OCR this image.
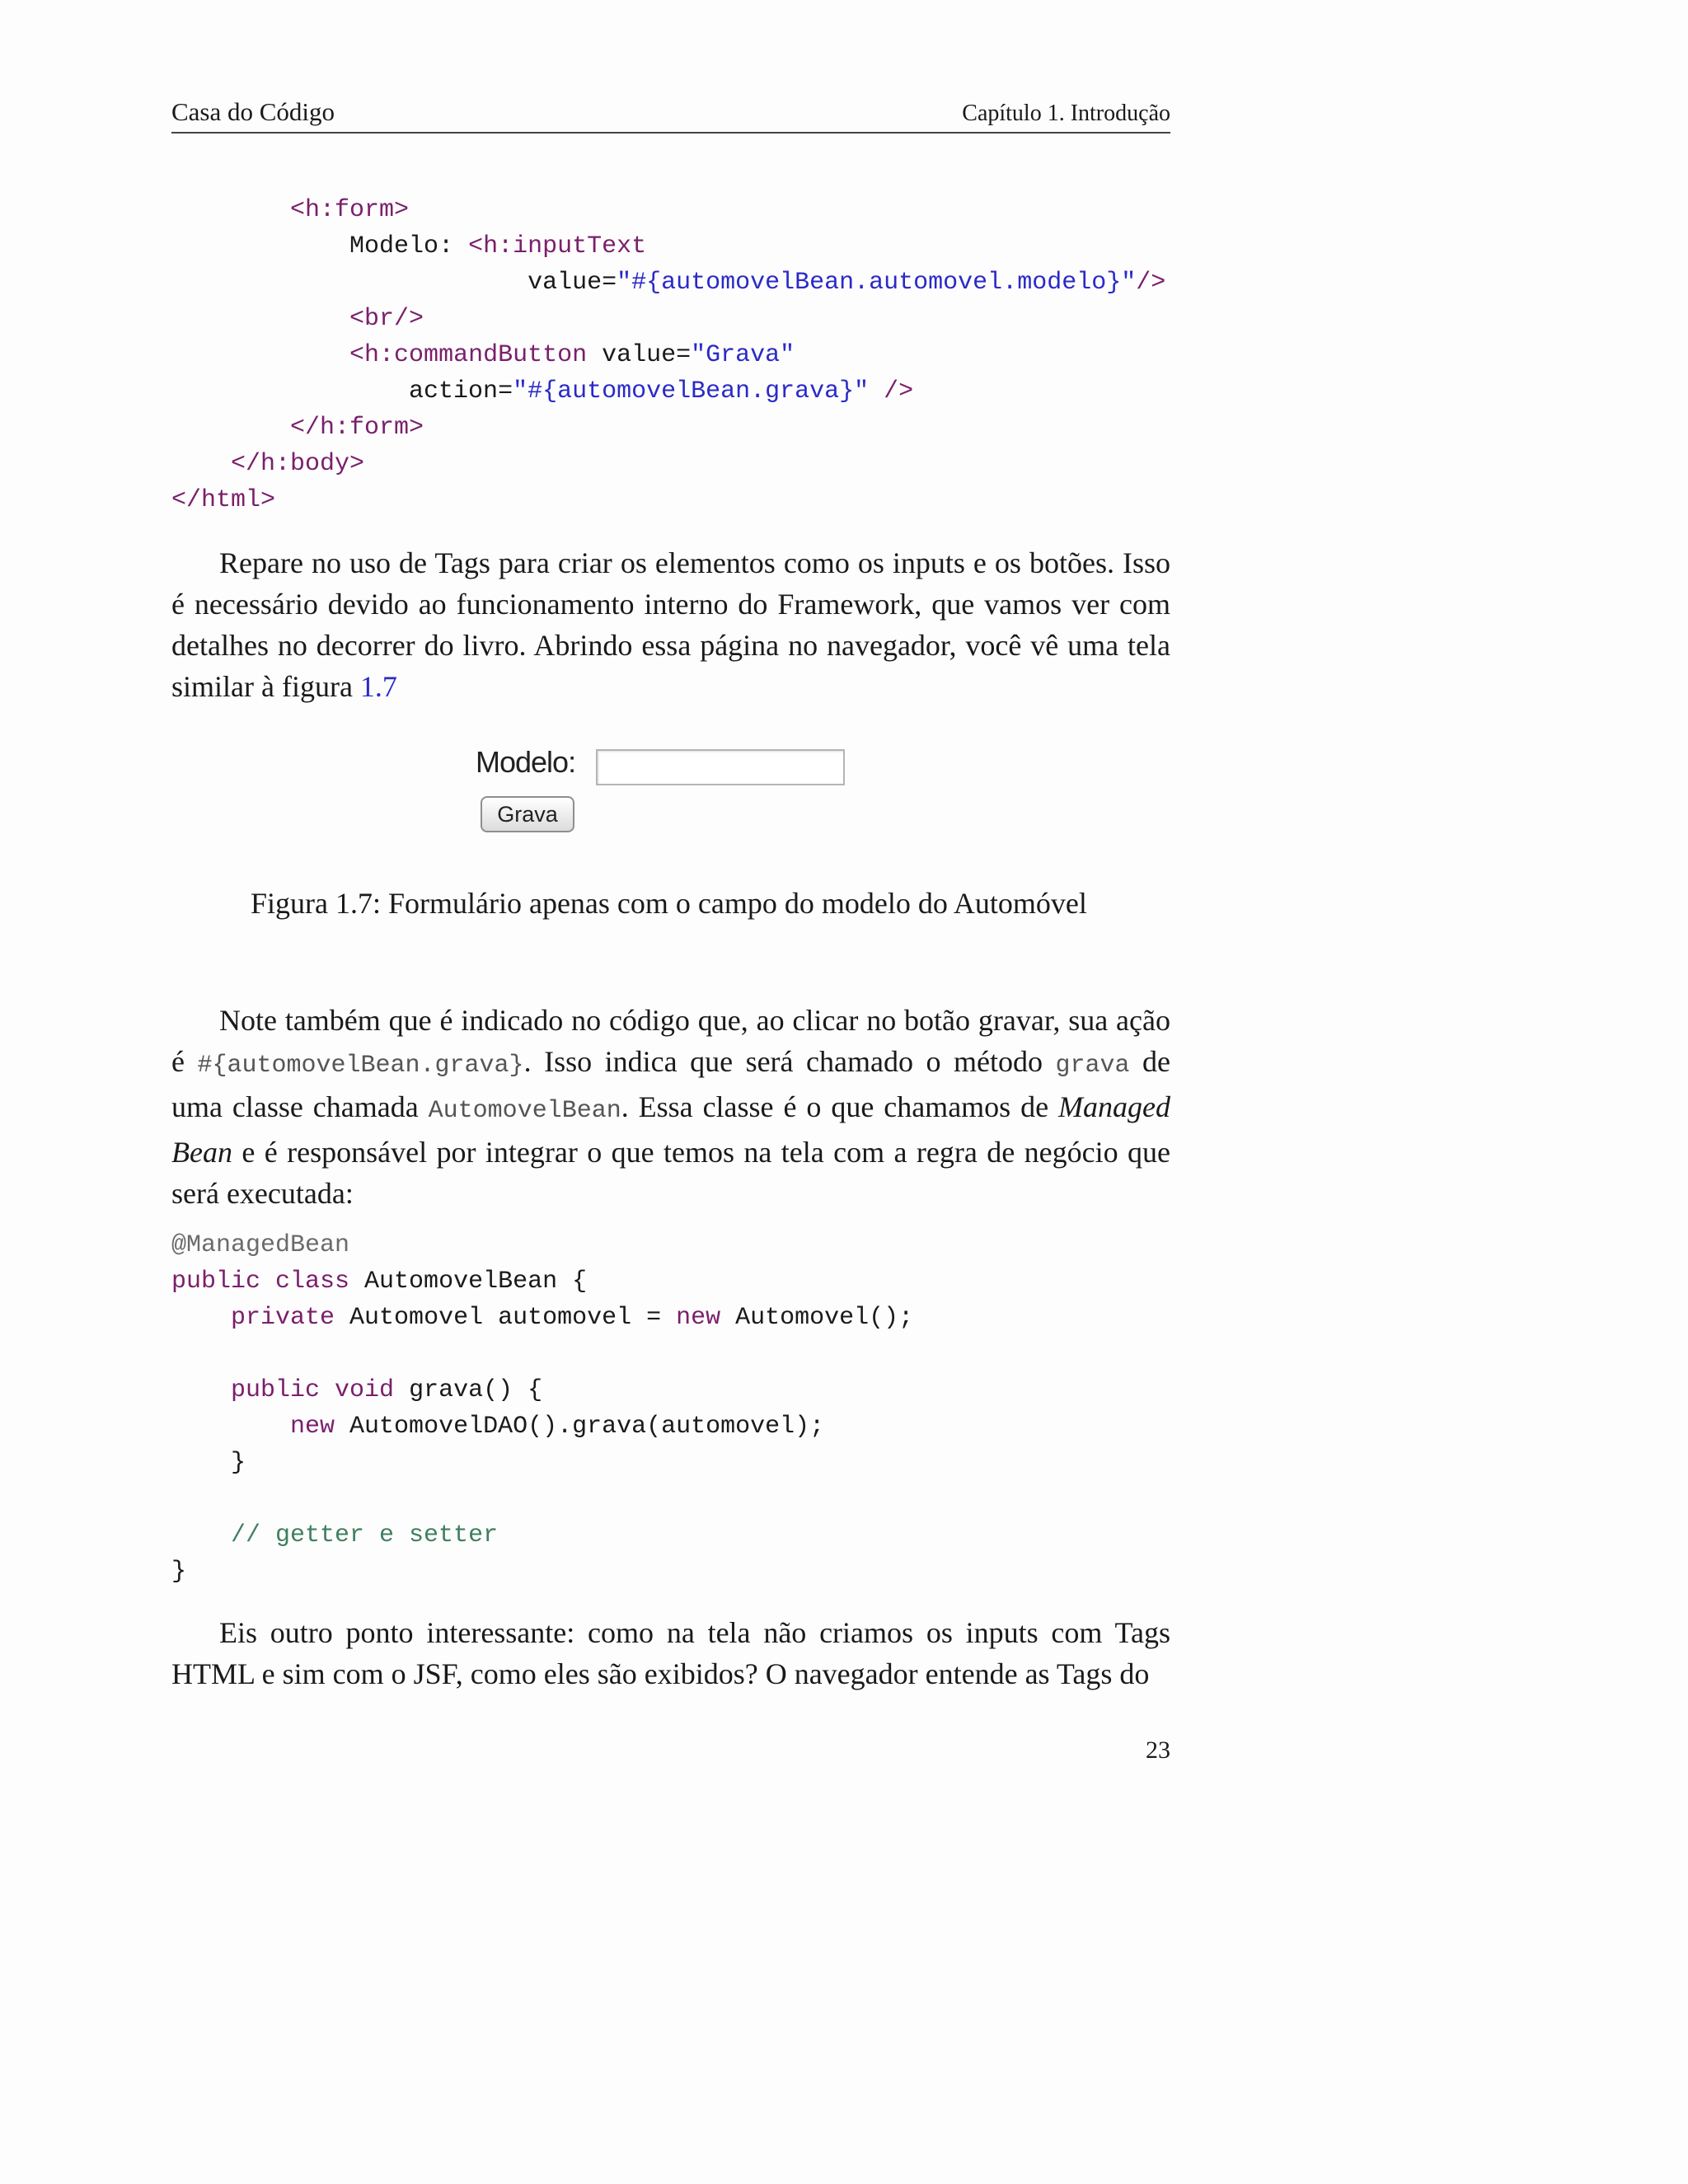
Casa do Código	Capítulo 1. Introdução
<h:form>
Modelo: <h:inputText
value="#{automovelBean.automovel.modelo}"/>
<br/>
<h:commandButton value="Grava"
action="#{automovelBean.grava}" />
</h:form>
</h:body>
</html>

Repare no uso de Tags para criar os elementos como os inputs e os botões. Isso é necessário devido ao funcionamento interno do Framework, que vamos ver com detalhes no decorrer do livro. Abrindo essa página no navegador, você vê uma tela similar à figura 1.7

Modelo:
Grava
Figura 1.7: Formulário apenas com o campo do modelo do Automóvel

Note também que é indicado no código que, ao clicar no botão gravar, sua ação é #{automovelBean.grava}. Isso indica que será chamado o método grava de uma classe chamada AutomovelBean. Essa classe é o que chamamos de Managed Bean e é responsável por integrar o que temos na tela com a regra de negócio que será executada:

@ManagedBean
public class AutomovelBean {
private Automovel automovel = new Automovel();

public void grava() {
new AutomovelDAO().grava(automovel);
}

// getter e setter
}

Eis outro ponto interessante: como na tela não criamos os inputs com Tags HTML e sim com o JSF, como eles são exibidos? O navegador entende as Tags do

23
